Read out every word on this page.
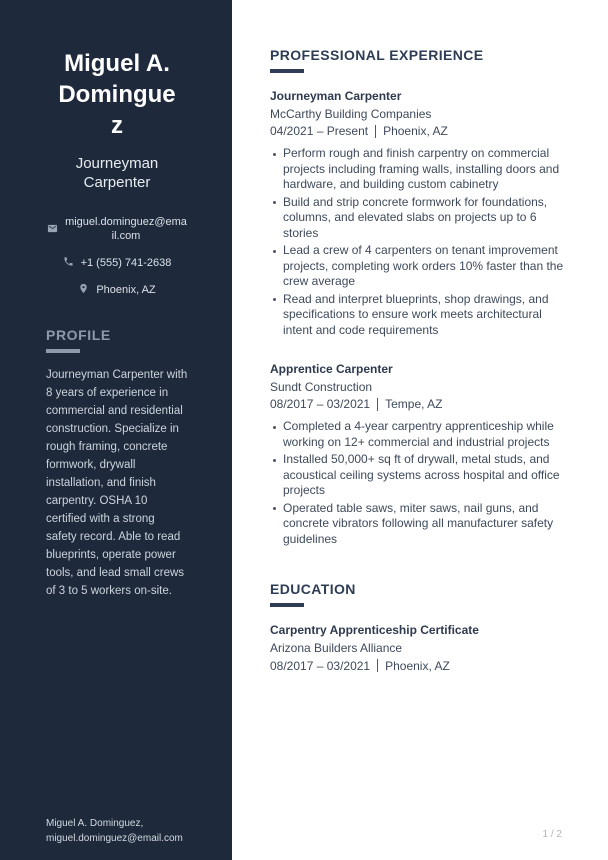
Miguel A. Dominguez
Journeyman Carpenter
miguel.dominguez@email.com
+1 (555) 741-2638
Phoenix, AZ
PROFILE

Journeyman Carpenter with 8 years of experience in commercial and residential construction. Specialize in rough framing, concrete formwork, drywall installation, and finish carpentry. OSHA 10 certified with a strong safety record. Able to read blueprints, operate power tools, and lead small crews of 3 to 5 workers on-site.

Miguel A. Dominguez,
miguel.dominguez@email.com
PROFESSIONAL EXPERIENCE
Journeyman Carpenter
McCarthy Building Companies
04/2021 – Present Phoenix, AZ
Perform rough and finish carpentry on commercial projects including framing walls, installing doors and hardware, and building custom cabinetry
Build and strip concrete formwork for foundations, columns, and elevated slabs on projects up to 6 stories
Lead a crew of 4 carpenters on tenant improvement projects, completing work orders 10% faster than the crew average
Read and interpret blueprints, shop drawings, and specifications to ensure work meets architectural intent and code requirements
Apprentice Carpenter
Sundt Construction
08/2017 – 03/2021 Tempe, AZ
Completed a 4-year carpentry apprenticeship while working on 12+ commercial and industrial projects
Installed 50,000+ sq ft of drywall, metal studs, and acoustical ceiling systems across hospital and office projects
Operated table saws, miter saws, nail guns, and concrete vibrators following all manufacturer safety guidelines
EDUCATION
Carpentry Apprenticeship Certificate
Arizona Builders Alliance
08/2017 – 03/2021 Phoenix, AZ
1 / 2
